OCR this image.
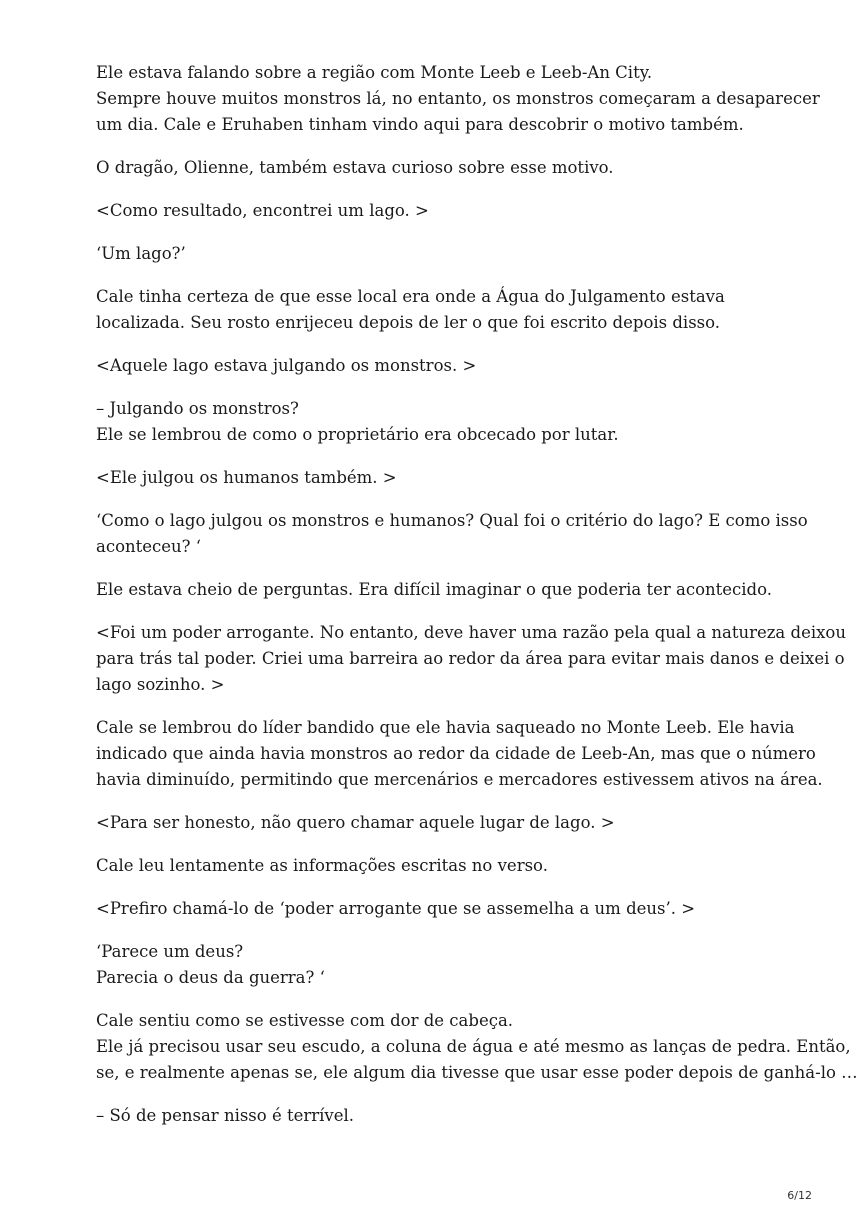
Ele estava falando sobre a região com Monte Leeb e Leeb-An City.
Sempre houve muitos monstros lá, no entanto, os monstros começaram a desaparecer
um dia. Cale e Eruhaben tinham vindo aqui para descobrir o motivo também.

O dragão, Olienne, também estava curioso sobre esse motivo.

<Como resultado, encontrei um lago. >

‘Um lago?’

Cale tinha certeza de que esse local era onde a Água do Julgamento estava
localizada. Seu rosto enrijeceu depois de ler o que foi escrito depois disso.

<Aquele lago estava julgando os monstros. >

– Julgando os monstros?
Ele se lembrou de como o proprietário era obcecado por lutar.

<Ele julgou os humanos também. >

‘Como o lago julgou os monstros e humanos? Qual foi o critério do lago? E como isso
aconteceu? ‘

Ele estava cheio de perguntas. Era difícil imaginar o que poderia ter acontecido.

<Foi um poder arrogante. No entanto, deve haver uma razão pela qual a natureza deixou
para trás tal poder. Criei uma barreira ao redor da área para evitar mais danos e deixei o
lago sozinho. >

Cale se lembrou do líder bandido que ele havia saqueado no Monte Leeb. Ele havia
indicado que ainda havia monstros ao redor da cidade de Leeb-An, mas que o número
havia diminuído, permitindo que mercenários e mercadores estivessem ativos na área.

<Para ser honesto, não quero chamar aquele lugar de lago. >

Cale leu lentamente as informações escritas no verso.

<Prefiro chamá-lo de ‘poder arrogante que se assemelha a um deus’. >

‘Parece um deus?
Parecia o deus da guerra? ‘

Cale sentiu como se estivesse com dor de cabeça.
Ele já precisou usar seu escudo, a coluna de água e até mesmo as lanças de pedra. Então,
se, e realmente apenas se, ele algum dia tivesse que usar esse poder depois de ganhá-lo …

– Só de pensar nisso é terrível.

6/12
